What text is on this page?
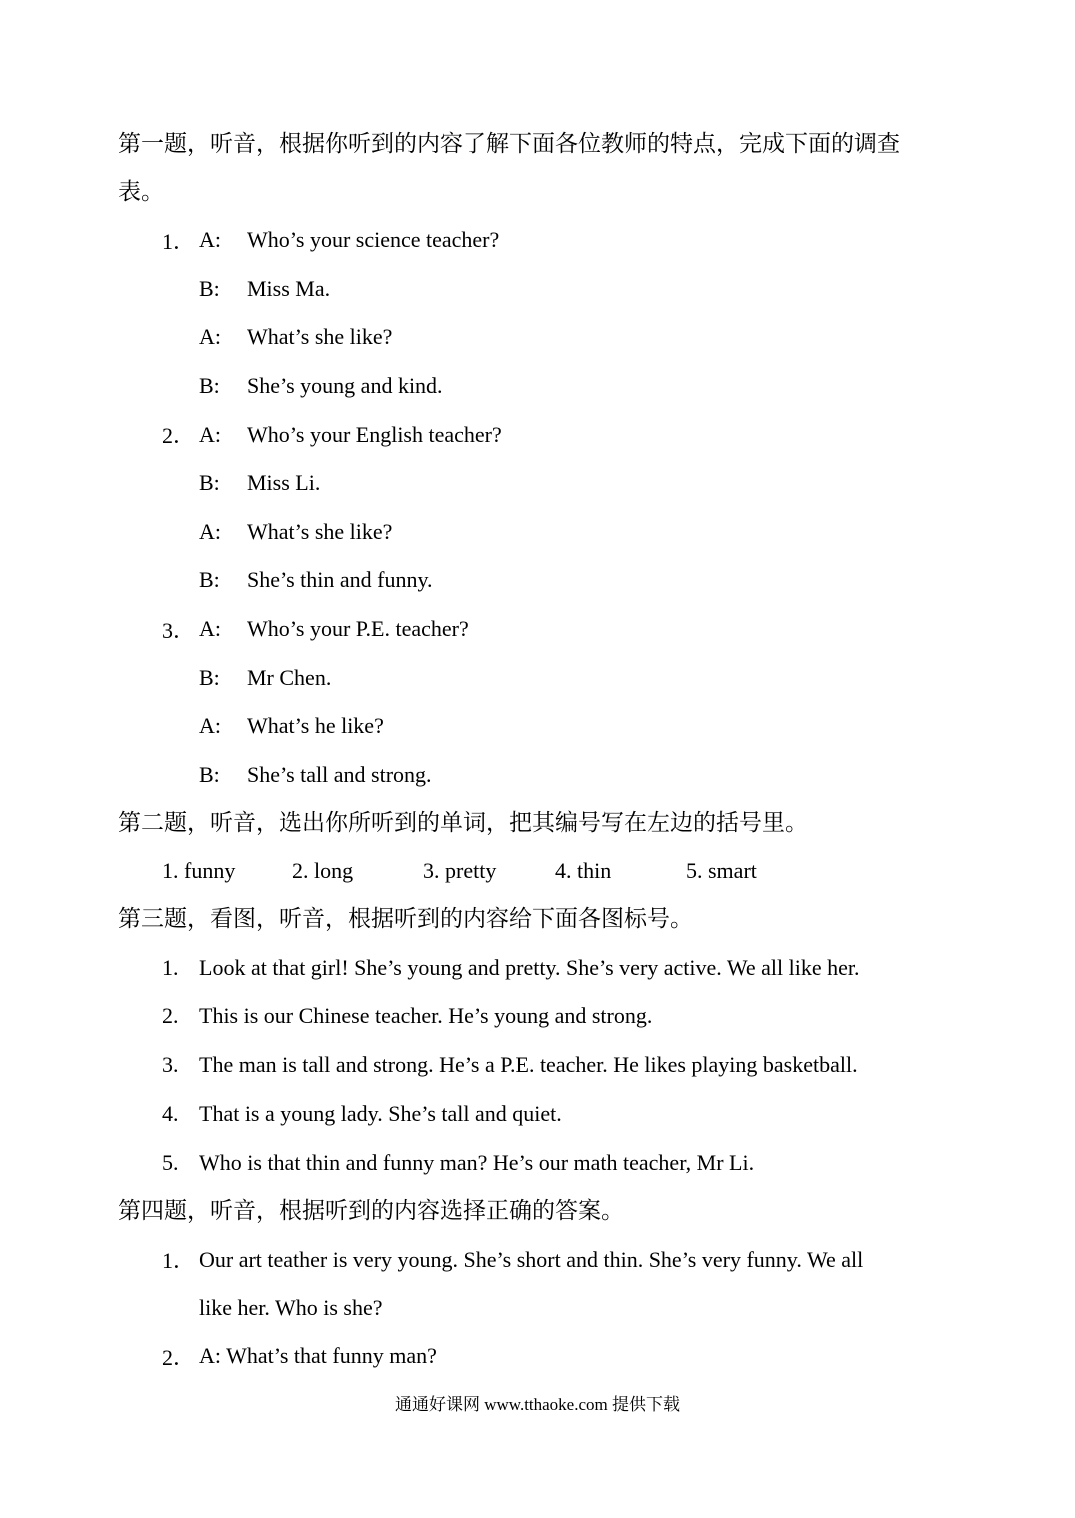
第一题，听音，根据你听到的内容了解下面各位教师的特点，完成下面的调查

表。

1． A:	Who’s your science teacher?
B:	Miss Ma.
A:	What’s she like?
B:	She’s young and kind.
2． A:	Who’s your English teacher?
B:	Miss Li.
A:	What’s she like?
B:	She’s thin and funny.
3． A:	Who’s your P.E. teacher?
B:	Mr Chen.
A:	What’s he like?
B:	She’s tall and strong.

第二题，听音，选出你所听到的单词，把其编号写在左边的括号里。

1. funny	2. long	3. pretty	4. thin	5. smart

第三题，看图，听音，根据听到的内容给下面各图标号。

1. Look at that girl! She’s young and pretty. She’s very active. We all like her.
2. This is our Chinese teacher. He’s young and strong.
3. The man is tall and strong. He’s a P.E. teacher. He likes playing basketball.
4. That is a young lady. She’s tall and quiet.
5. Who is that thin and funny man? He’s our math teacher, Mr Li.

第四题，听音，根据听到的内容选择正确的答案。

1． Our art teather is very young. She’s short and thin. She’s very funny. We all
like her. Who is she?
2． A: What’s that funny man?
通通好课网 www.tthaoke.com 提供下载
